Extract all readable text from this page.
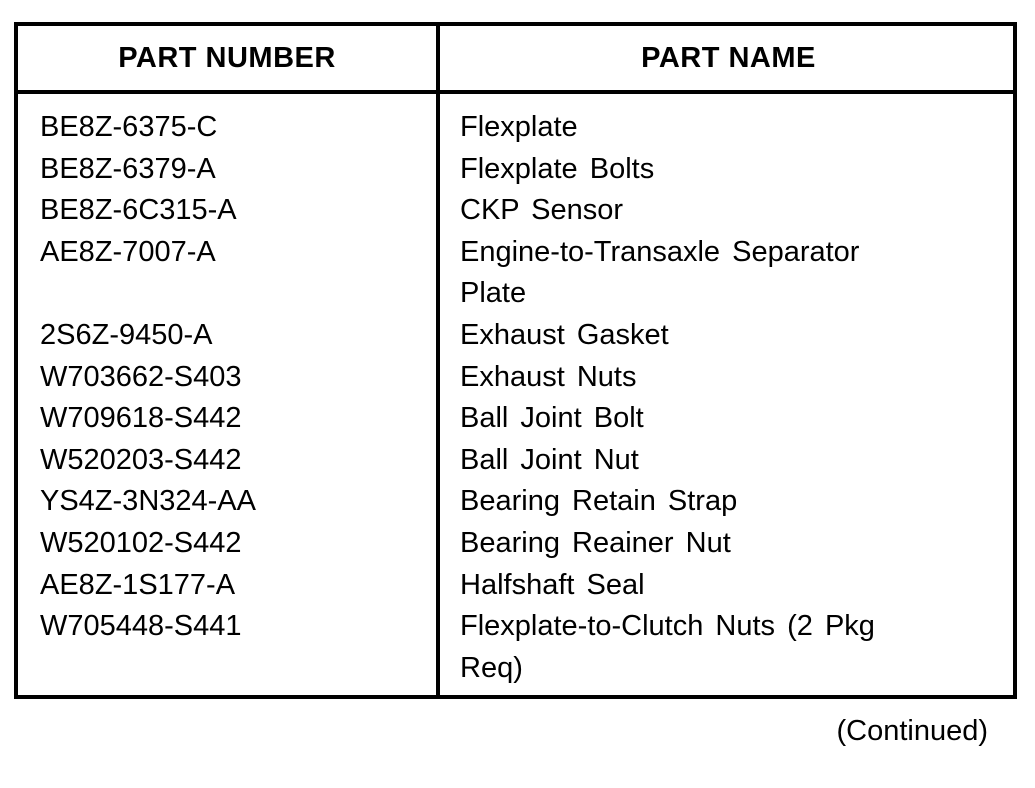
PART NUMBER	PART NAME
BE8Z-6375-C
BE8Z-6379-A
BE8Z-6C315-A
AE8Z-7007-A
2S6Z-9450-A
W703662-S403
W709618-S442
W520203-S442
YS4Z-3N324-AA
W520102-S442
AE8Z-1S177-A
W705448-S441
Flexplate
Flexplate Bolts
CKP Sensor
Engine-to-Transaxle Separator
Plate
Exhaust Gasket
Exhaust Nuts
Ball Joint Bolt
Ball Joint Nut
Bearing Retain Strap
Bearing Reainer Nut
Halfshaft Seal
Flexplate-to-Clutch Nuts (2 Pkg
Req)
(Continued)
